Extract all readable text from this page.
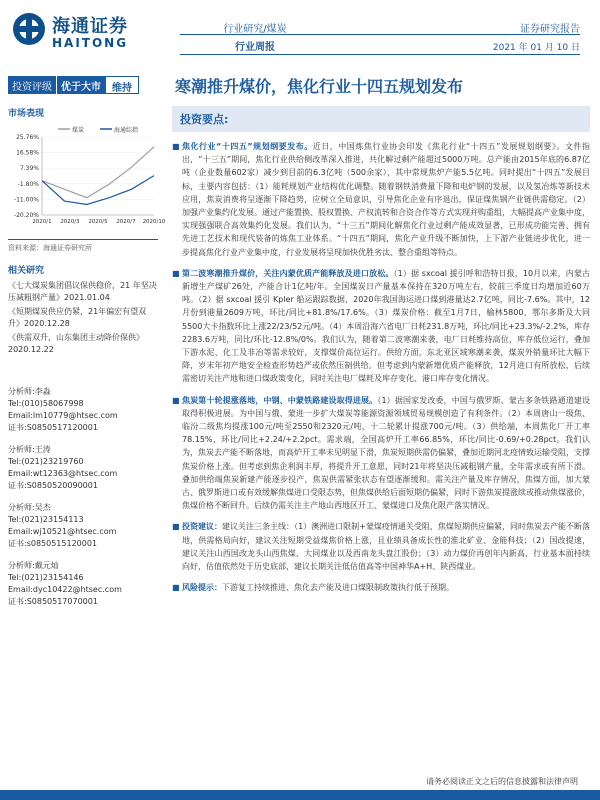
海通证券
HAITONG
行业研究/煤炭
行业周报
证券研究报告
2021 年 01 月 10 日
投资评级 优于大市	维持	寒潮推升煤价，焦化行业十四五规划发布
市场表现
煤炭	海通综指
25.76%
16.58%
7.39%
-1.80%
-11.00%
-20.20%
2020/1 2020/3 2020/5 2020/7 2020/10
资料来源：海通证券研究所
相关研究
《七大煤炭集团倡议保供稳价，21 年坚决压减粗钢产量》2021.01.04
《短期煤炭供应仍紧，21年偏宏有望双升》2020.12.28
《供需双升，山东集团主动降价保供》2020.12.22
分析师:李淼
Tel:(010)58067998
Email:lm10779@htsec.com
证书:S0850517120001
分析师:王涛
Tel:(021)23219760
Email:wt12363@htsec.com
证书:S0850520090001
分析师:吴杰
Tel:(021)23154113
Email:wj10521@htsec.com
证书:s0850515120001
分析师:戴元灿
Tel:(021)23154146
Email:dyc10422@htsec.com
证书:S0850517070001
投资要点:
■ 焦化行业“十四五”规划纲要发布。近日，中国炼焦行业协会印发《焦化行业“十四五”发展规划纲要》。文件指出，“十三五”期间，焦化行业供给侧改革深入推进，共化解过剩产能超过5000万吨。总产能由2015年底的6.87亿吨（企业数量602家）减少到目前的6.3亿吨（500余家），其中常规焦炉产能5.5亿吨。同时提出“十四五”发展目标，主要内容包括：（1）能耗规划产业结构优化调整。随着钢铁消费量下降和电炉钢的发展，以及氢冶炼等新技术应用，焦炭消费将呈逐渐下降趋势，应树立全局意识，引导焦化企业有序退出，保证煤焦钢产业链供需稳定。（2）加强产业集约化发展。通过产能置换、股权置换、产权流转和合资合作等方式实现并购重组，大幅提高产业集中度，实现强强联合高效集约化发展。我们认为，“十三五”期间化解焦化行业过剩产能成效显著，已形成功能完善、拥有先进工艺技术和现代装备的炼焦工业体系。“十四五”期间，焦化产业升级不断加快，上下游产业链进步优化，进一步提高焦化行业产业集中度，行业发展将呈现加快优胜劣汰、整合重组等特点。
■ 第二波寒潮推升煤价，关注内蒙优质产能释放及进口放松。（1）据 sxcoal 援引呼和浩特日报，10月以来，内蒙古新增生产煤矿26处，产能合计1亿吨/年。全国煤炭日产量基本保持在320万吨左右，较前三季度日均增加近60万吨。（2）据 sxcoal 援引 Kpler 船运跟踪数据，2020年我国海运进口煤到港量达2.7亿吨，同比-7.6%。其中，12月份到港量2609万吨，环比/同比+81.8%/17.6%。（3）煤炭价格：截至1月7日，榆林5800、鄂尔多斯及大同5500大卡指数环比上涨22/23/52元/吨。（4）本周沿海六省电厂日耗231.8万吨，环比/同比+23.3%/-2.2%，库存2283.6万吨，同比/环比-12.8%/0%。我们认为，随着第二波寒潮来袭，电厂日耗维持高位，库存低位运行，叠加下游水泥、化工及非冶等需求较好，支撑煤价高位运行。供给方面，东北亚区域寒潮来袭，煤炭外销量环比大幅下降，岁末年初产地安全检查形势趋严或依然压制供给。但考虑到内蒙新增优质产能释放，12月进口有所放松，后续需密切关注产地和进口煤政策变化，同时关注电厂煤耗及库存变化、港口库存变化情况。
■ 焦炭第十轮提涨落地，中钢、中蒙铁路建设取得进展。（1）据国家发改委，中国与俄罗斯、蒙古多条铁路通道建设取得积极进展。为中国与俄、蒙进一步扩大煤炭等能源资源领域贸易规模创造了有利条件。（2）本周唐山一级焦、临汾二级焦均提涨100元/吨至2550和2320元/吨，十二轮累计提涨700元/吨。（3）供给端，本周焦化厂开工率78.15%，环比/同比+2.24/+2.2pct。需求端，全国高炉开工率66.85%，环比/同比-0.69/+0.28pct。我们认为，焦炭去产能不断落地，而高炉开工率未见明显下滑，焦炭短期供需仍偏紧，叠加近期河北疫情致运输受阻，支撑焦炭价格上涨。但考虑到焦企利润丰厚，将提升开工意愿，同时21年将坚决压减粗钢产量，全年需求或有所下滑。叠加供给端焦炭新建产能逐步投产，焦炭供需紧张状态有望逐渐缓和。需关注产量及库存情况，焦煤方面，加大蒙古、俄罗斯进口或有效缓解焦煤进口受限态势，但焦煤供给后面短期仍偏紧，同时下游焦炭提涨续或推动焦煤涨价，焦煤价格不断回升。后续仍需关注主产地山西地区开工、蒙煤进口及焦化限产落实情况。
■ 投资建议：建议关注三条主线：（1）澳洲进口限制+蒙煤疫情通关受阻，焦煤短期供应偏紧，同时焦炭去产能不断落地，供需格局向好，建议关注短期受益煤焦价格上涨，且业绩具备成长性的淮北矿业、金能科技；（2）国改提速，建议关注山西国改龙头山西焦煤、大同煤业以及西南龙头盘江股份；（3）动力煤价再创年内新高，行业基本面持续向好，估值依然处于历史底部，建议长期关注低估值高等中国神华A+H、陕西煤业。
■ 风险提示：下游复工持续推进、焦化去产能及进口煤限制政策执行低于预期。
请务必阅读正文之后的信息披露和法律声明
